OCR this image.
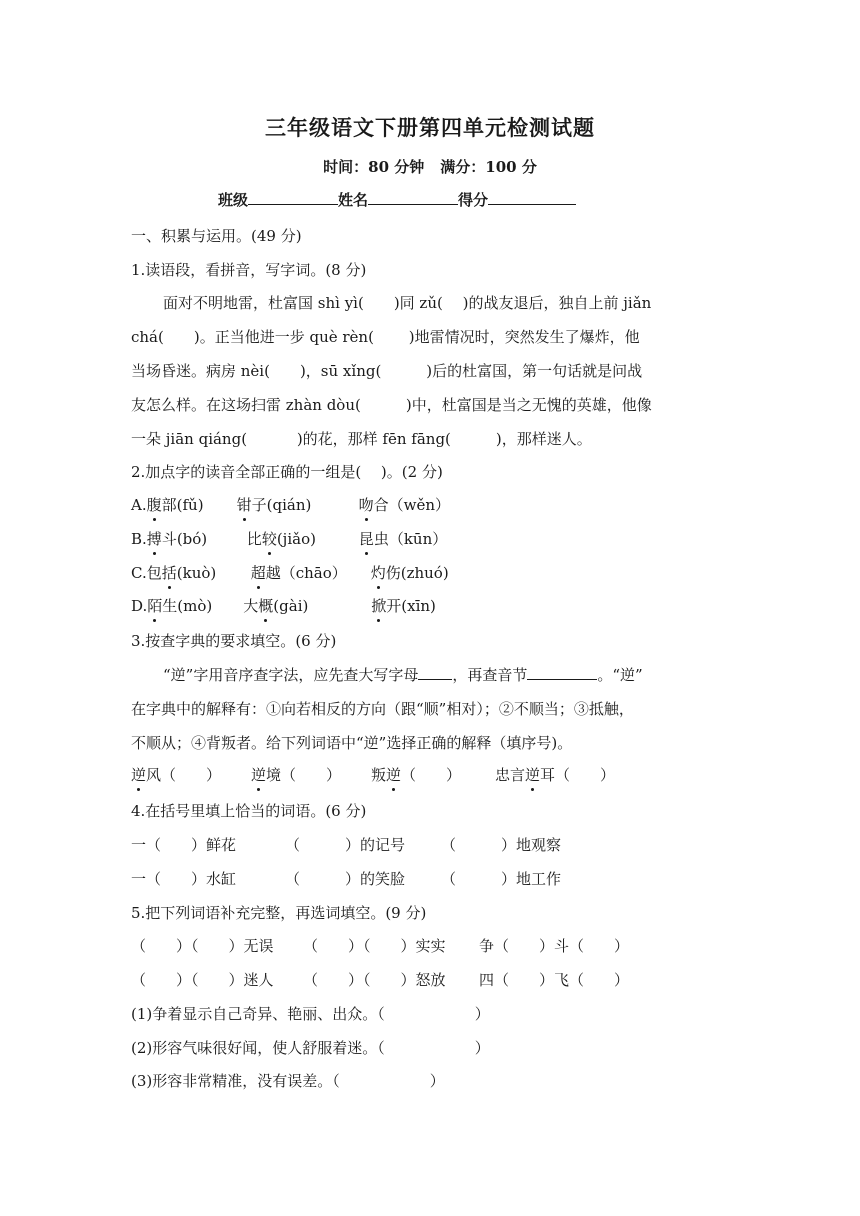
三年级语文下册第四单元检测试题
时间：80 分钟 满分：100 分
班级	姓名	得分
一、积累与运用。(49 分)
1.读语段，看拼音，写字词。(8 分)
面对不明地雷，杜富国 shì yì(　　)同 zǔ(　 )的战友退后，独自上前 jiǎn
chá(　　)。正当他进一步 què rèn(　　 )地雷情况时，突然发生了爆炸，他
当场昏迷。病房 nèi(　　)，sū xǐng(　　　)后的杜富国，第一句话就是问战
友怎么样。在这场扫雷 zhàn dòu(　　　)中，杜富国是当之无愧的英雄，他像
一朵 jiān qiáng(　　　 )的花，那样 fēn fāng(　　　)，那样迷人。
2.加点字的读音全部正确的一组是(　 )。(2 分)
A.腹部(fǔ) 钳子(qián)	吻合（wěn）
B.搏斗(bó)	比较(jiǎo)	昆虫（kūn）
C.包括(kuò) 超越（chāo） 灼伤(zhuó)
D.陌生(mò) 大概(gài)	掀开(xīn)
3.按查字典的要求填空。(6 分)
“逆”字用音序查字法，应先查大写字母 ，再查音节	。“逆”
在字典中的解释有：①向若相反的方向（跟“顺”相对）；②不顺当；③抵触，
不顺从；④背叛者。给下列词语中“逆”选择正确的解释（填序号)。
逆风（　　） 逆境（　　） 叛逆（　　） 忠言逆耳（　　）
4.在括号里填上恰当的词语。(6 分)
一（　　）鲜花	（　　　）的记号 （　　　）地观察
一（　　）水缸	（　　　）的笑脸 （　　　）地工作
5.把下列词语补充完整，再选词填空。(9 分)
（　　）（　　）无误 （　　）（　　）实实 争（　　）斗（　　）
（　　）（　　）迷人 （　　）（　　）怒放 四（　　）飞（　　）
(1)争着显示自己奇异、艳丽、出众。（　　　　　　）
(2)形容气味很好闻，使人舒服着迷。（　　　　　　）
(3)形容非常精准，没有误差。（　　　　　　）
